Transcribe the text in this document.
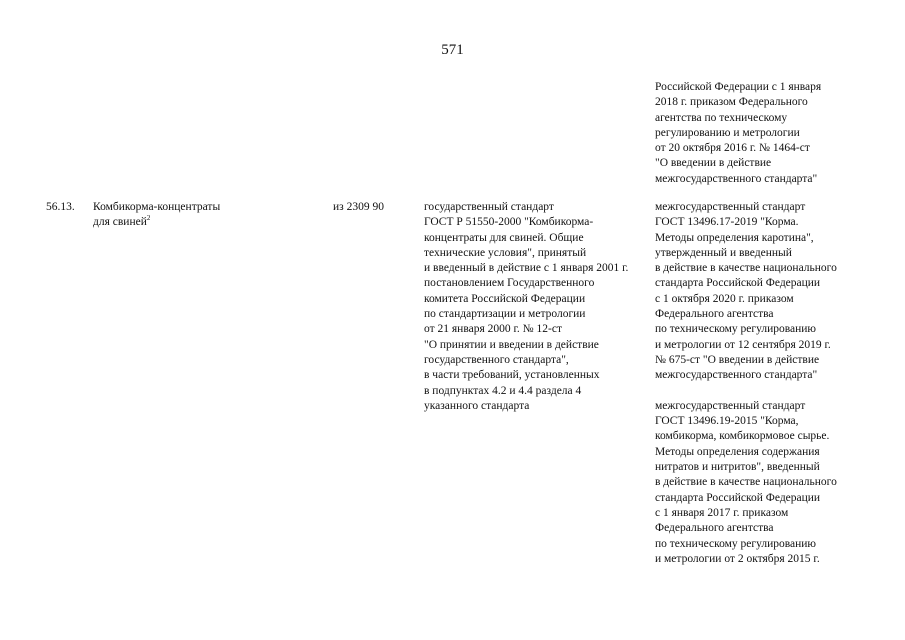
571
Российской Федерации с 1 января
2018 г. приказом Федерального
агентства по техническому
регулированию и метрологии
от 20 октября 2016 г. № 1464-ст
"О введении в действие
межгосударственного стандарта"
56.13. Комбикорма-концентраты
для свиней$^2$
из 2309 90	государственный стандарт
ГОСТ Р 51550-2000 "Комбикорма-
концентраты для свиней. Общие
технические условия", принятый
и введенный в действие с 1 января 2001 г.
постановлением Государственного
комитета Российской Федерации
по стандартизации и метрологии
от 21 января 2000 г. № 12-ст
"О принятии и введении в действие
государственного стандарта",
в части требований, установленных
в подпунктах 4.2 и 4.4 раздела 4
указанного стандарта
межгосударственный стандарт
ГОСТ 13496.17-2019 "Корма.
Методы определения каротина",
утвержденный и введенный
в действие в качестве национального
стандарта Российской Федерации
с 1 октября 2020 г. приказом
Федерального агентства
по техническому регулированию
и метрологии от 12 сентября 2019 г.
№ 675-ст "О введении в действие
межгосударственного стандарта"
межгосударственный стандарт
ГОСТ 13496.19-2015 "Корма,
комбикорма, комбикормовое сырье.
Методы определения содержания
нитратов и нитритов", введенный
в действие в качестве национального
стандарта Российской Федерации
с 1 января 2017 г. приказом
Федерального агентства
по техническому регулированию
и метрологии от 2 октября 2015 г.
